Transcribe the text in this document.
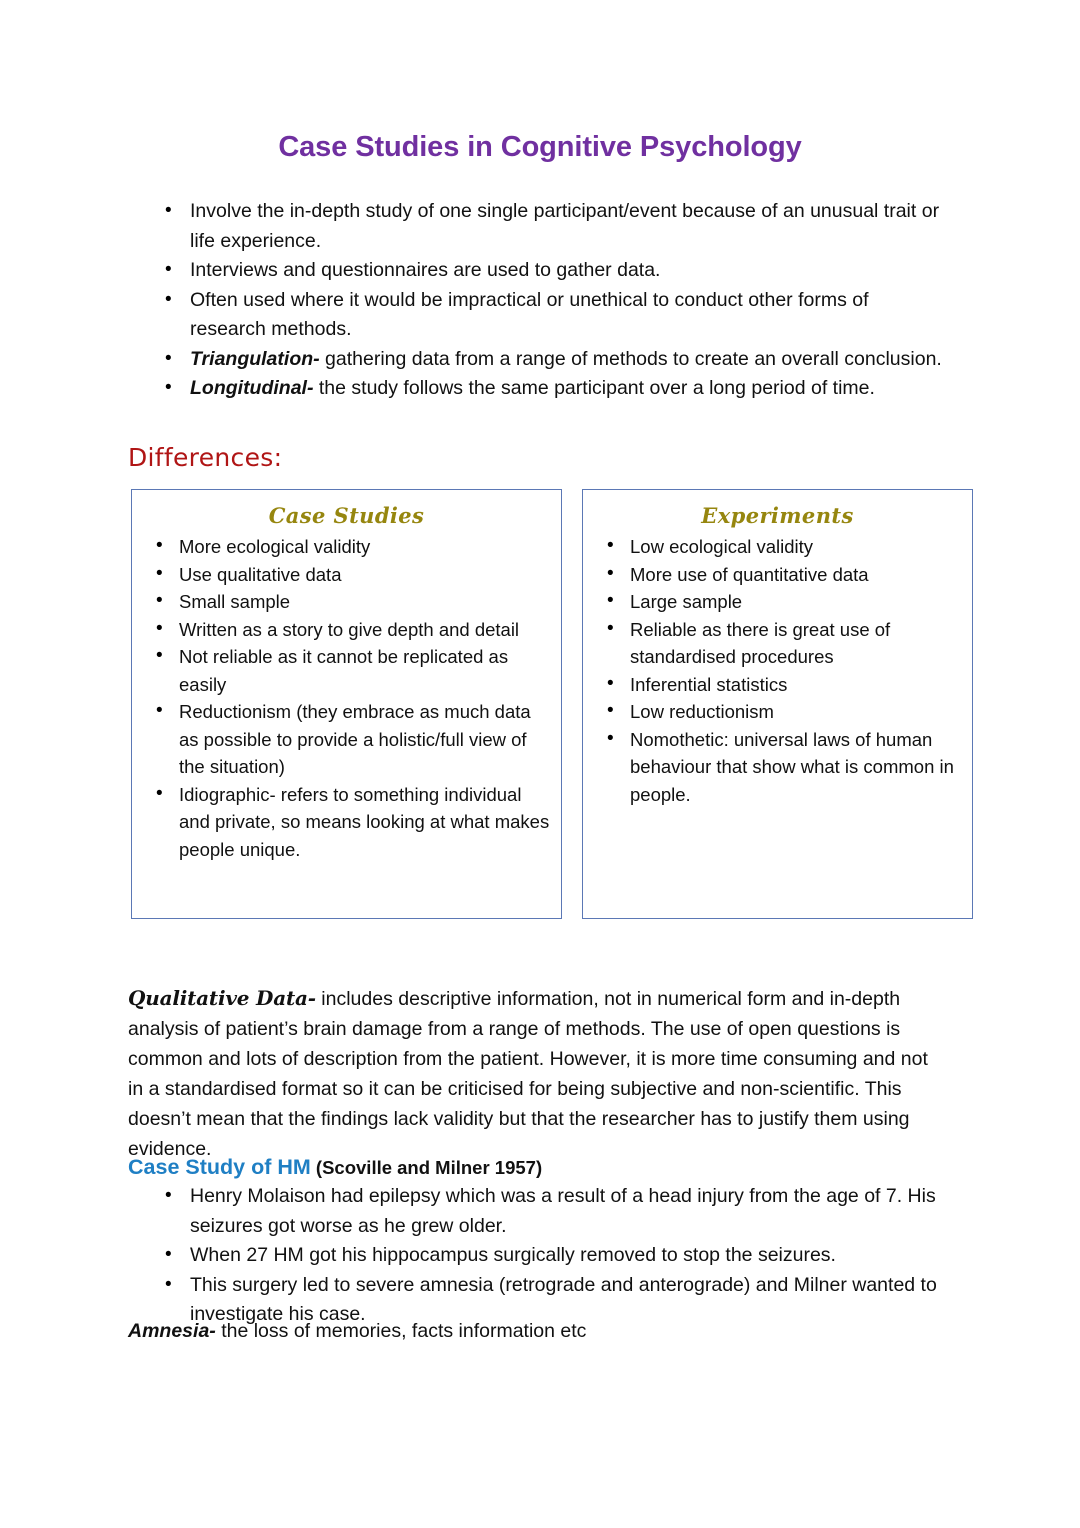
Case Studies in Cognitive Psychology
• Involve the in-depth study of one single participant/event because of an unusual trait or life experience.
• Interviews and questionnaires are used to gather data.
• Often used where it would be impractical or unethical to conduct other forms of research methods.
• Triangulation- gathering data from a range of methods to create an overall conclusion.
• Longitudinal- the study follows the same participant over a long period of time.
Differences:
Case Studies
• More ecological validity
• Use qualitative data
• Small sample
• Written as a story to give depth and detail
• Not reliable as it cannot be replicated as easily
• Reductionism (they embrace as much data as possible to provide a holistic/full view of the situation)
• Idiographic- refers to something individual and private, so means looking at what makes people unique.
Experiments
• Low ecological validity
• More use of quantitative data
• Large sample
• Reliable as there is great use of standardised procedures
• Inferential statistics
• Low reductionism
• Nomothetic: universal laws of human behaviour that show what is common in people.

Qualitative Data- includes descriptive information, not in numerical form and in-depth analysis of patient’s brain damage from a range of methods. The use of open questions is common and lots of description from the patient. However, it is more time consuming and not in a standardised format so it can be criticised for being subjective and non-scientific. This doesn’t mean that the findings lack validity but that the researcher has to justify them using evidence.

Case Study of HM (Scoville and Milner 1957)
• Henry Molaison had epilepsy which was a result of a head injury from the age of 7. His seizures got worse as he grew older.
• When 27 HM got his hippocampus surgically removed to stop the seizures.
• This surgery led to severe amnesia (retrograde and anterograde) and Milner wanted to investigate his case.
Amnesia- the loss of memories, facts information etc
